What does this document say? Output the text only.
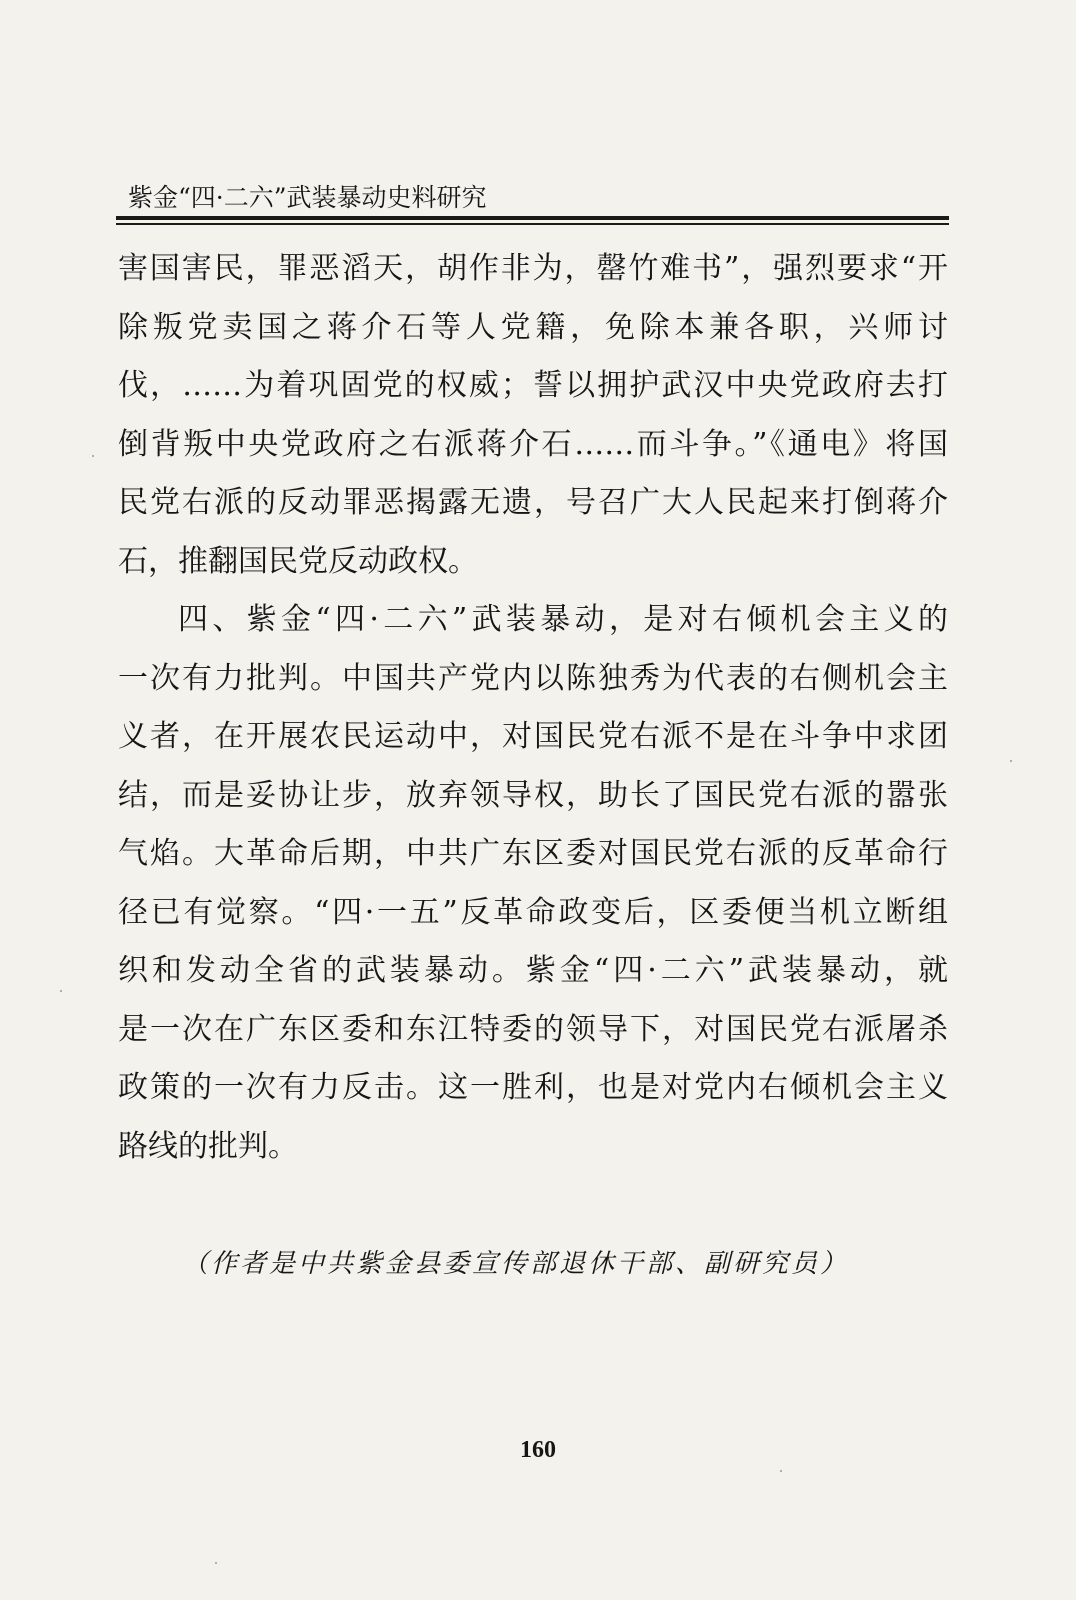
紫金“四·二六”武装暴动史料研究
害国害民，罪恶滔天，胡作非为，罄竹难书”，强烈要求“开
除叛党卖国之蒋介石等人党籍，免除本兼各职，兴师讨
伐，……为着巩固党的权威；誓以拥护武汉中央党政府去打
倒背叛中央党政府之右派蒋介石……而斗争。”《通电》将国
民党右派的反动罪恶揭露无遗，号召广大人民起来打倒蒋介
石，推翻国民党反动政权。
四、紫金“四·二六”武装暴动，是对右倾机会主义的
一次有力批判。中国共产党内以陈独秀为代表的右侧机会主
义者，在开展农民运动中，对国民党右派不是在斗争中求团
结，而是妥协让步，放弃领导权，助长了国民党右派的嚣张
气焰。大革命后期，中共广东区委对国民党右派的反革命行
径已有觉察。“四·一五”反革命政变后，区委便当机立断组
织和发动全省的武装暴动。紫金“四·二六”武装暴动，就
是一次在广东区委和东江特委的领导下，对国民党右派屠杀
政策的一次有力反击。这一胜利，也是对党内右倾机会主义
路线的批判。
（作者是中共紫金县委宣传部退休干部、副研究员）
160
